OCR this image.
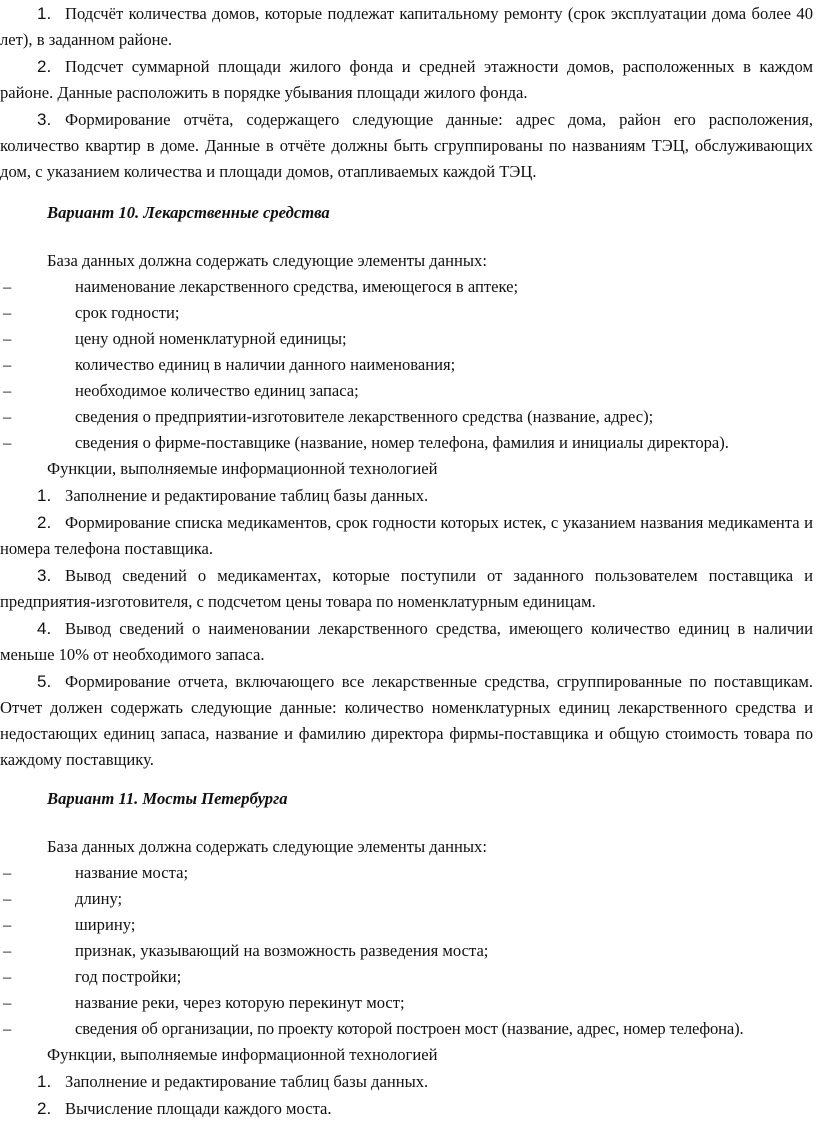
1. Подсчёт количества домов, которые подлежат капитальному ремонту (срок эксплуатации дома более 40 лет), в заданном районе.

2. Подсчет суммарной площади жилого фонда и средней этажности домов, расположенных в каждом районе. Данные расположить в порядке убывания площади жилого фонда.

3. Формирование отчёта, содержащего следующие данные: адрес дома, район его расположения, количество квартир в доме. Данные в отчёте должны быть сгруппированы по названиям ТЭЦ, обслуживающих дом, с указанием количества и площади домов, отапливаемых каждой ТЭЦ.

Вариант 10. Лекарственные средства

База данных должна содержать следующие элементы данных:

–	наименование лекарственного средства, имеющегося в аптеке;

–	срок годности;

–	цену одной номенклатурной единицы;

–	количество единиц в наличии данного наименования;

–	необходимое количество единиц запаса;

–	сведения о предприятии-изготовителе лекарственного средства (название, адрес);

–	сведения о фирме-поставщике (название, номер телефона, фамилия и инициалы директора).

Функции, выполняемые информационной технологией

1. Заполнение и редактирование таблиц базы данных.

2. Формирование списка медикаментов, срок годности которых истек, с указанием названия медикамента и номера телефона поставщика.

3. Вывод сведений о медикаментах, которые поступили от заданного пользователем поставщика и предприятия-изготовителя, с подсчетом цены товара по номенклатурным единицам.

4. Вывод сведений о наименовании лекарственного средства, имеющего количество единиц в наличии меньше 10% от необходимого запаса.

5. Формирование отчета, включающего все лекарственные средства, сгруппированные по поставщикам. Отчет должен содержать следующие данные: количество номенклатурных единиц лекарственного средства и недостающих единиц запаса, название и фамилию директора фирмы-поставщика и общую стоимость товара по каждому поставщику.

Вариант 11. Мосты Петербурга

База данных должна содержать следующие элементы данных:

–	название моста;

–	длину;

–	ширину;

–	признак, указывающий на возможность разведения моста;

–	год постройки;

–	название реки, через которую перекинут мост;

–	сведения об организации, по проекту которой построен мост (название, адрес, номер телефона).

Функции, выполняемые информационной технологией

1. Заполнение и редактирование таблиц базы данных.

2. Вычисление площади каждого моста.
